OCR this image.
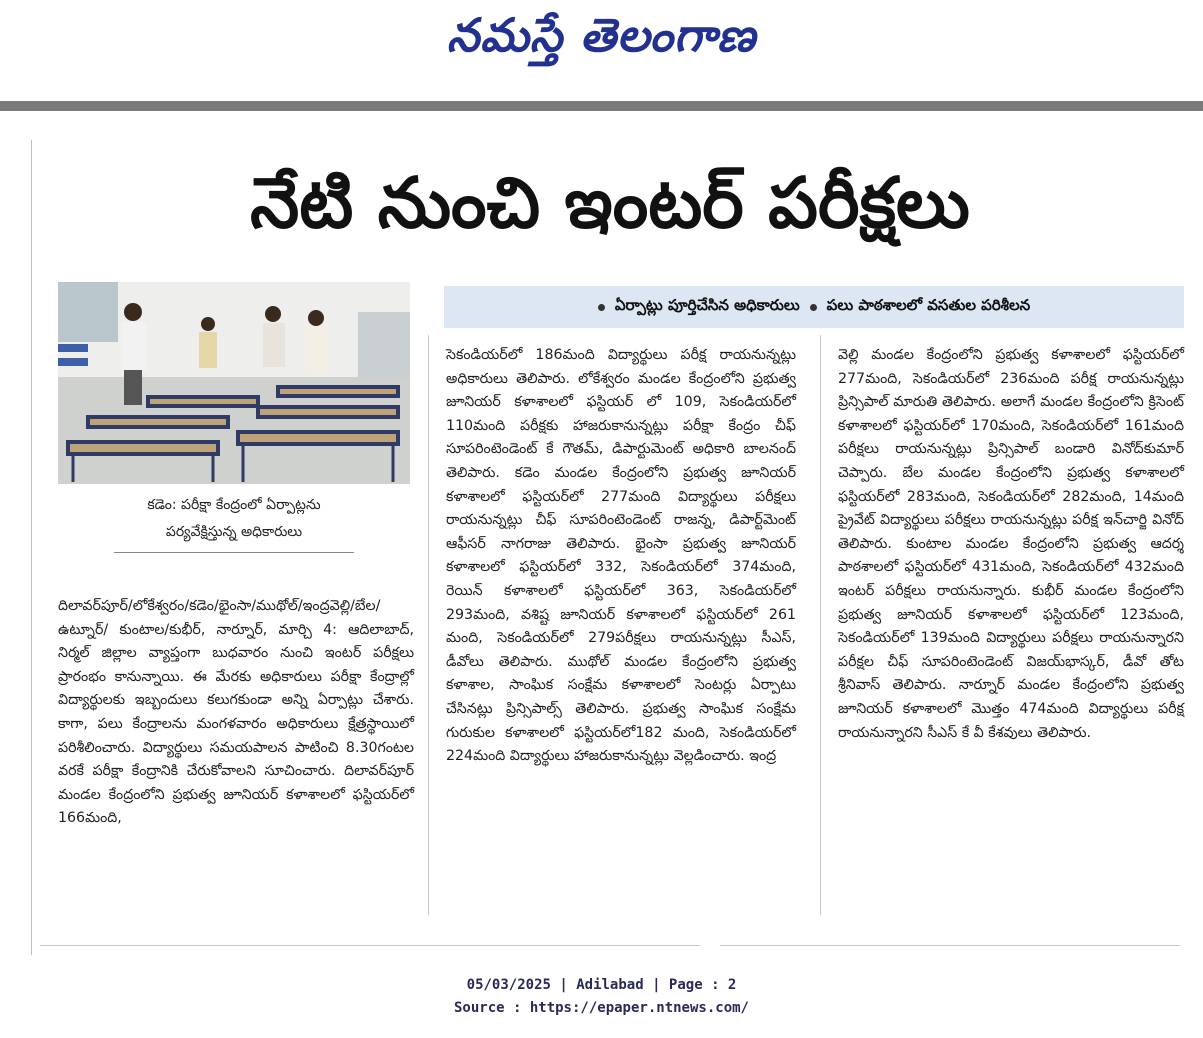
నమస్తే తెలంగాణ
నేటి నుంచి ఇంటర్ పరీక్షలు
కడెం: పరీక్షా కేంద్రంలో ఏర్పాట్లను
పర్యవేక్షిస్తున్న అధికారులు
ఏర్పాట్లు పూర్తిచేసిన అధికారులు పలు పాఠశాలలో వసతుల పరిశీలన

దిలావర్‌పూర్/లోకేశ్వరం/కడెం/భైంసా/ముథోల్/ఇంద్రవెల్లి/బేల/ఉట్నూర్/ కుంటాల/కుభీర్, నార్నూర్, మార్చి 4: ఆదిలాబాద్, నిర్మల్ జిల్లాల వ్యాప్తంగా బుధవారం నుంచి ఇంటర్ పరీక్షలు ప్రారంభం కానున్నాయి. ఈ మేరకు అధికారులు పరీక్షా కేంద్రాల్లో విద్యార్థులకు ఇబ్బందులు కలుగకుండా అన్ని ఏర్పాట్లు చేశారు. కాగా, పలు కేంద్రాలను మంగళవారం అధికారులు క్షేత్రస్థాయిలో పరిశీలించారు. విద్యార్థులు సమయపాలన పాటించి 8.30గంటల వరకే పరీక్షా కేంద్రానికి చేరుకోవాలని సూచించారు. దిలావర్‌పూర్ మండల కేంద్రంలోని ప్రభుత్వ జూనియర్ కళాశాలలో ఫస్టియర్‌లో 166మంది,

సెకండియర్‌లో 186మంది విద్యార్థులు పరీక్ష రాయనున్నట్లు అధికారులు తెలిపారు. లోకేశ్వరం మండల కేంద్రంలోని ప్రభుత్వ జూనియర్ కళాశాలలో ఫస్టియర్ లో 109, సెకండియర్‌లో 110మంది పరీక్షకు హాజరుకానున్నట్లు పరీక్షా కేంద్రం చీఫ్ సూపరింటెండెంట్ కే గౌతమ్, డిపార్టుమెంట్ అధికారి బాలనంద్ తెలిపారు. కడెం మండల కేంద్రంలోని ప్రభుత్వ జూనియర్ కళాశాలలో ఫస్టియర్‌లో 277మంది విద్యార్థులు పరీక్షలు రాయనున్నట్లు చీఫ్ సూపరింటెండెంట్ రాజన్న, డిపార్ట్‌మెంట్ ఆఫీసర్ నాగరాజు తెలిపారు. భైంసా ప్రభుత్వ జూనియర్ కళాశాలలో ఫస్టియర్‌లో 332, సెకండియర్‌లో 374మంది, రెయిన్ కళాశాలలో ఫస్టియర్‌లో 363, సెకండియర్‌లో 293మంది, వశిష్ట జూనియర్ కళాశాలలో ఫస్టియర్‌లో 261 మంది, సెకండియర్‌లో 279పరీక్షలు రాయనున్నట్లు సీఎస్, డీవోలు తెలిపారు. ముథోల్ మండల కేంద్రంలోని ప్రభుత్వ కళాశాల, సాంఘిక సంక్షేమ కళాశాలలో సెంటర్లు ఏర్పాటు చేసినట్లు ప్రిన్సిపాల్స్ తెలిపారు. ప్రభుత్వ సాంఘిక సంక్షేమ గురుకుల కళాశాలలో ఫస్టియర్‌లో182 మంది, సెకండియర్‌లో 224మంది విద్యార్థులు హాజరుకానున్నట్లు వెల్లడించారు. ఇంద్ర

వెల్లి మండల కేంద్రంలోని ప్రభుత్వ కళాశాలలో ఫస్టియర్‌లో 277మంది, సెకండియర్‌లో 236మంది పరీక్ష రాయనున్నట్లు ప్రిన్సిపాల్ మారుతి తెలిపారు. అలాగే మండల కేంద్రంలోని క్రిసెంట్ కళాశాలలో ఫస్టియర్‌లో 170మంది, సెకండియర్‌లో 161మంది పరీక్షలు రాయనున్నట్లు ప్రిన్సిపాల్ బండారి వినోద్‌కుమార్ చెప్పారు. బేల మండల కేంద్రంలోని ప్రభుత్వ కళాశాలలో ఫస్టియర్‌లో 283మంది, సెకండియర్‌లో 282మంది, 14మంది ప్రైవేట్ విద్యార్థులు పరీక్షలు రాయనున్నట్లు పరీక్ష ఇన్‌చార్జి వినోద్ తెలిపారు. కుంటాల మండల కేంద్రంలోని ప్రభుత్వ ఆదర్శ పాఠశాలలో ఫస్టియర్‌లో 431మంది, సెకండియర్‌లో 432మంది ఇంటర్ పరీక్షలు రాయనున్నారు. కుభీర్ మండల కేంద్రంలోని ప్రభుత్వ జూనియర్ కళాశాలలో ఫస్టియర్‌లో 123మంది, సెకండియర్‌లో 139మంది విద్యార్థులు పరీక్షలు రాయనున్నారని పరీక్షల చీఫ్ సూపరింటెండెంట్ విజయ్‌భాస్కర్, డీవో తోట శ్రీనివాస్ తెలిపారు. నార్నూర్ మండల కేంద్రంలోని ప్రభుత్వ జూనియర్ కళాశాలలో మొత్తం 474మంది విద్యార్థులు పరీక్ష రాయనున్నారని సీఎస్ కే వీ కేశవులు తెలిపారు.

05/03/2025 | Adilabad | Page : 2
Source : https://epaper.ntnews.com/
